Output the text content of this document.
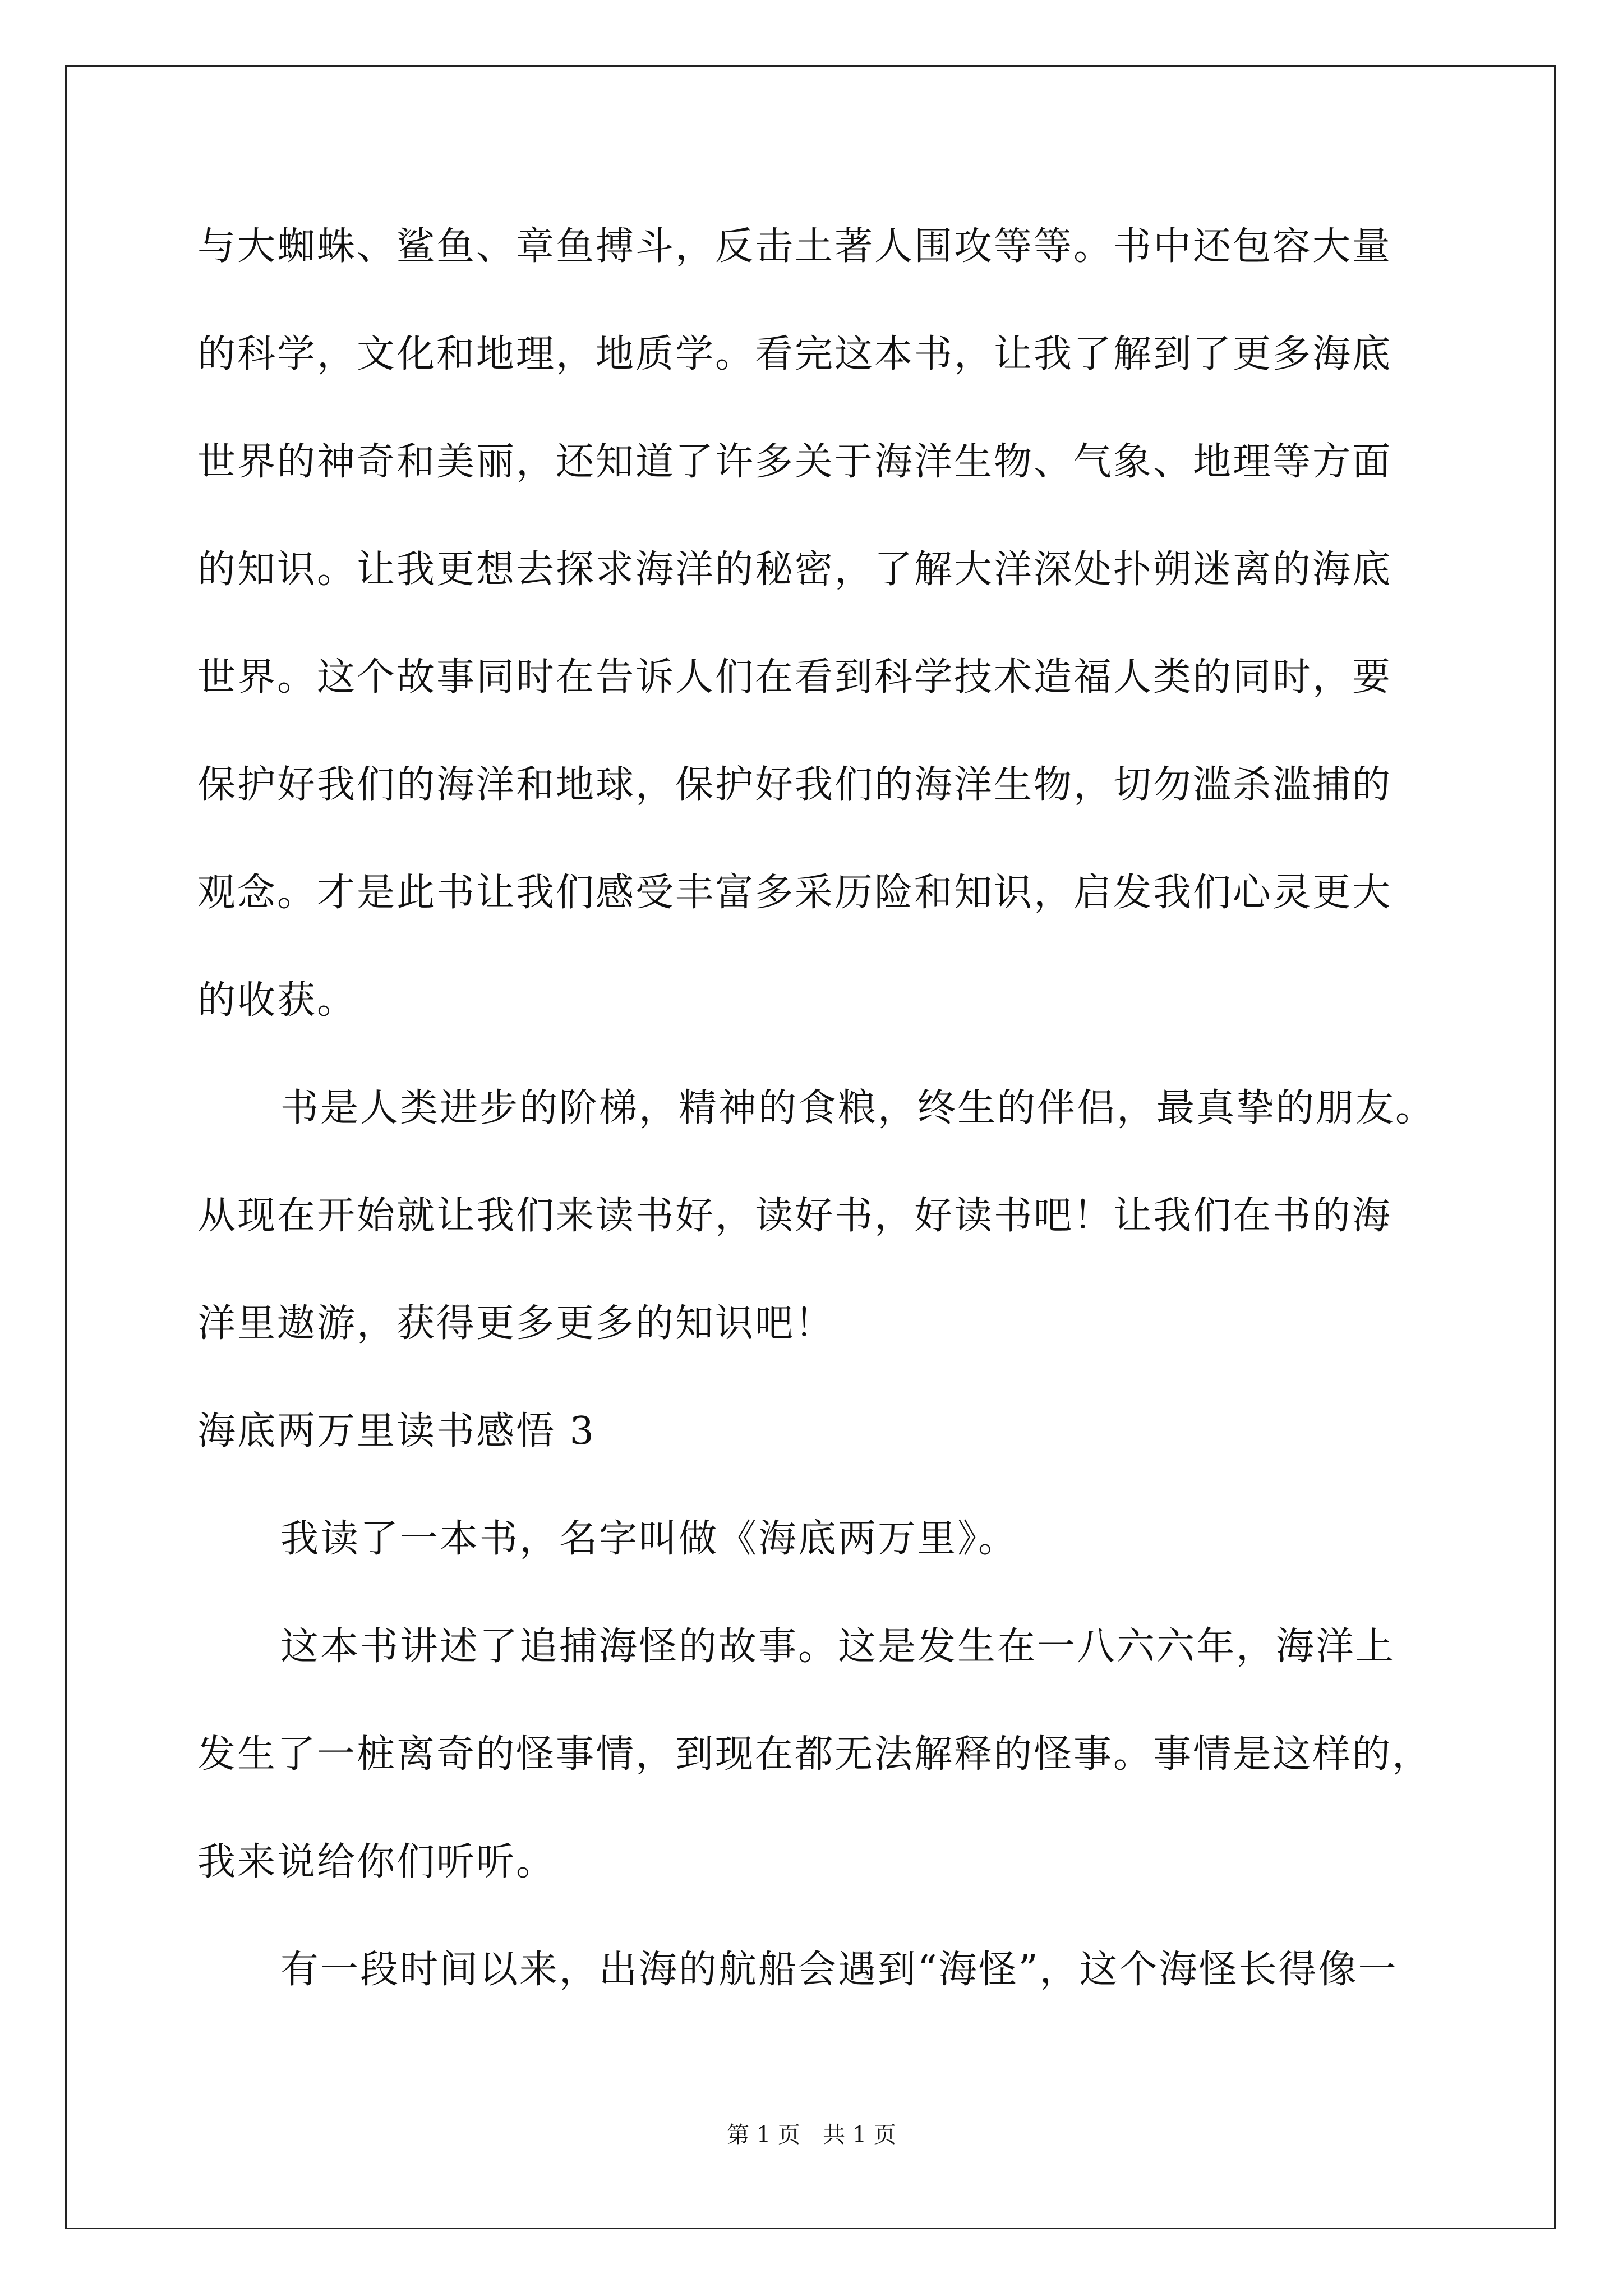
与大蜘蛛、鲨鱼、章鱼搏斗，反击土著人围攻等等。书中还包容大量
的科学，文化和地理，地质学。看完这本书，让我了解到了更多海底
世界的神奇和美丽，还知道了许多关于海洋生物、气象、地理等方面
的知识。让我更想去探求海洋的秘密，了解大洋深处扑朔迷离的海底
世界。这个故事同时在告诉人们在看到科学技术造福人类的同时，要
保护好我们的海洋和地球，保护好我们的海洋生物，切勿滥杀滥捕的
观念。才是此书让我们感受丰富多采历险和知识，启发我们心灵更大
的收获。
书是人类进步的阶梯，精神的食粮，终生的伴侣，最真挚的朋友。
从现在开始就让我们来读书好，读好书，好读书吧！让我们在书的海
洋里遨游，获得更多更多的知识吧！
海底两万里读书感悟 3
我读了一本书，名字叫做《海底两万里》。
这本书讲述了追捕海怪的故事。这是发生在一八六六年，海洋上
发生了一桩离奇的怪事情，到现在都无法解释的怪事。事情是这样的，
我来说给你们听听。
有一段时间以来，出海的航船会遇到“海怪”，这个海怪长得像一
第 1 页　共 1 页
